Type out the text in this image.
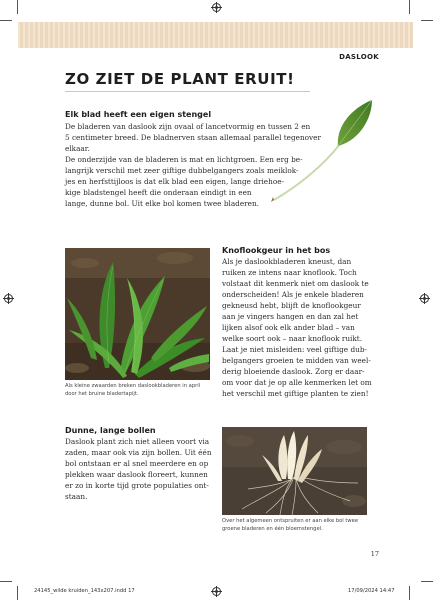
DASLOOK
ZO ZIET DE PLANT ERUIT!
Elk blad heeft een eigen stengel

De bladeren van daslook zijn ovaal of lancetvormig en tussen 2 en

5 centimeter breed. De bladnerven staan allemaal parallel tegenover

elkaar.

De onderzijde van de bladeren is mat en lichtgroen. Een erg be-

langrijk verschil met zeer giftige dubbelgangers zoals meiklok-

jes en herfsttijloos is dat elk blad een eigen, lange driehoe-

kige bladstengel heeft die onderaan eindigt in een

lange, dunne bol. Uit elke bol komen twee bladeren.

Als kleine zwaarden breken daslookbladeren in april
door het bruine bladertapijt.
Knoflookgeur in het bos

Als je daslookbladeren kneust, dan

ruiken ze intens naar knoflook. Toch

volstaat dit kenmerk niet om daslook te

onderscheiden! Als je enkele bladeren

gekneusd hebt, blijft de knoflookgeur

aan je vingers hangen en dan zal het

lijken alsof ook elk ander blad – van

welke soort ook – naar knoflook ruikt.

Laat je niet misleiden: veel giftige dub-

belgangers groeien te midden van weel-

derig bloeiende daslook. Zorg er daar-

om voor dat je op alle kenmerken let om

het verschil met giftige planten te zien!

Dunne, lange bollen

Daslook plant zich niet alleen voort via

zaden, maar ook via zijn bollen. Uit één

bol ontstaan er al snel meerdere en op

plekken waar daslook floreert, kunnen

er zo in korte tijd grote populaties ont-

staan.

Over het algemeen ontspruiten er aan elke bol twee
groene bladeren en één bloemstengel.
17
24145_wilde kruiden_143x207.indd 17	17/09/2024 14:47
